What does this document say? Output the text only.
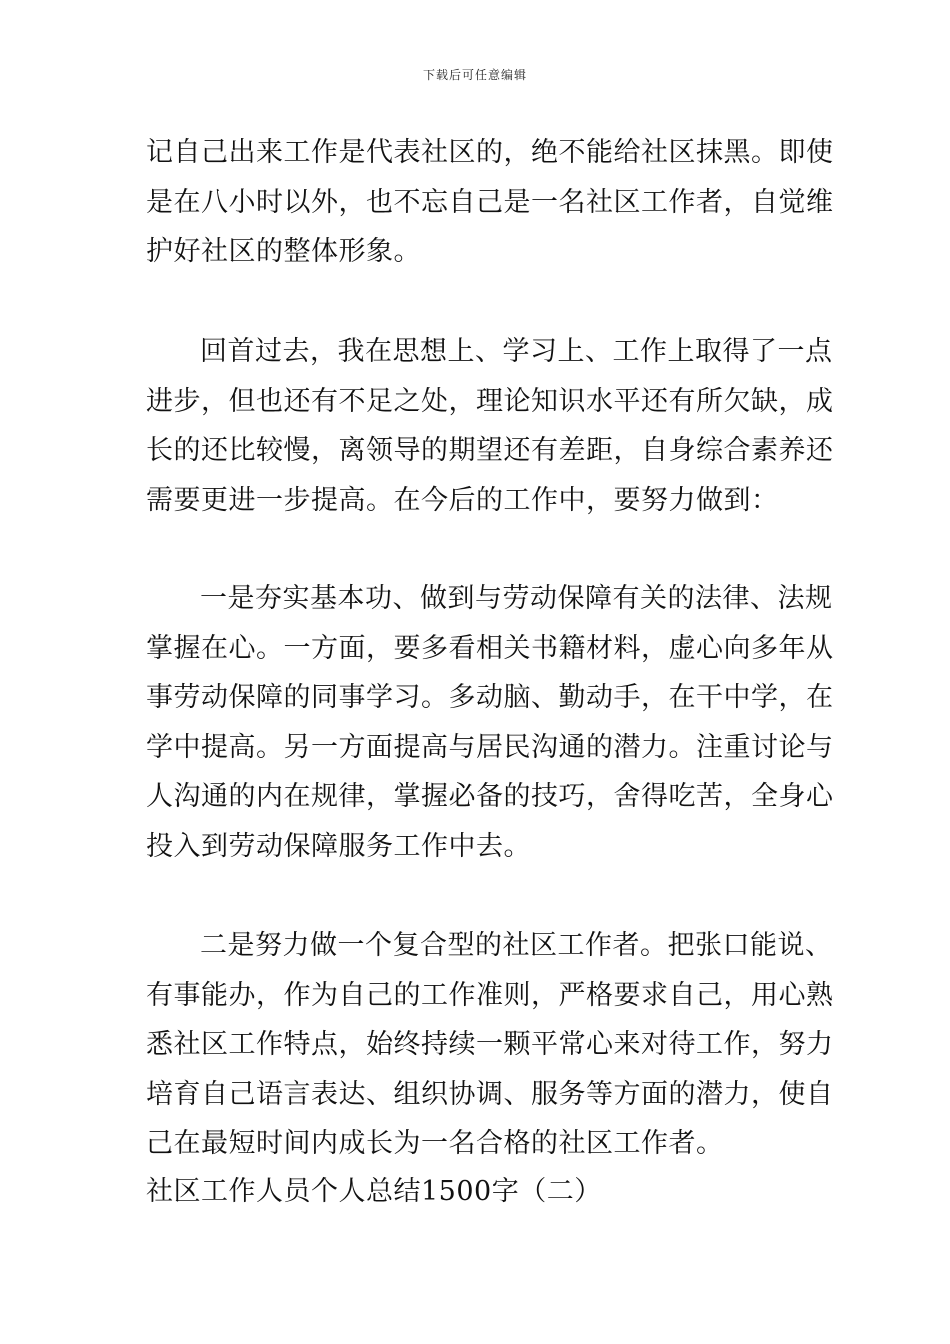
下载后可任意编辑
记自己出来工作是代表社区的，绝不能给社区抹黑。即使
是在八小时以外，也不忘自己是一名社区工作者，自觉维
护好社区的整体形象。
回首过去，我在思想上、学习上、工作上取得了一点
进步，但也还有不足之处，理论知识水平还有所欠缺，成
长的还比较慢，离领导的期望还有差距，自身综合素养还
需要更进一步提高。在今后的工作中，要努力做到：
一是夯实基本功、做到与劳动保障有关的法律、法规
掌握在心。一方面，要多看相关书籍材料，虚心向多年从
事劳动保障的同事学习。多动脑、勤动手，在干中学，在
学中提高。另一方面提高与居民沟通的潜力。注重讨论与
人沟通的内在规律，掌握必备的技巧，舍得吃苦，全身心
投入到劳动保障服务工作中去。
二是努力做一个复合型的社区工作者。把张口能说、
有事能办，作为自己的工作准则，严格要求自己，用心熟
悉社区工作特点，始终持续一颗平常心来对待工作，努力
培育自己语言表达、组织协调、服务等方面的潜力，使自
己在最短时间内成长为一名合格的社区工作者。
社区工作人员个人总结1500字（二）
